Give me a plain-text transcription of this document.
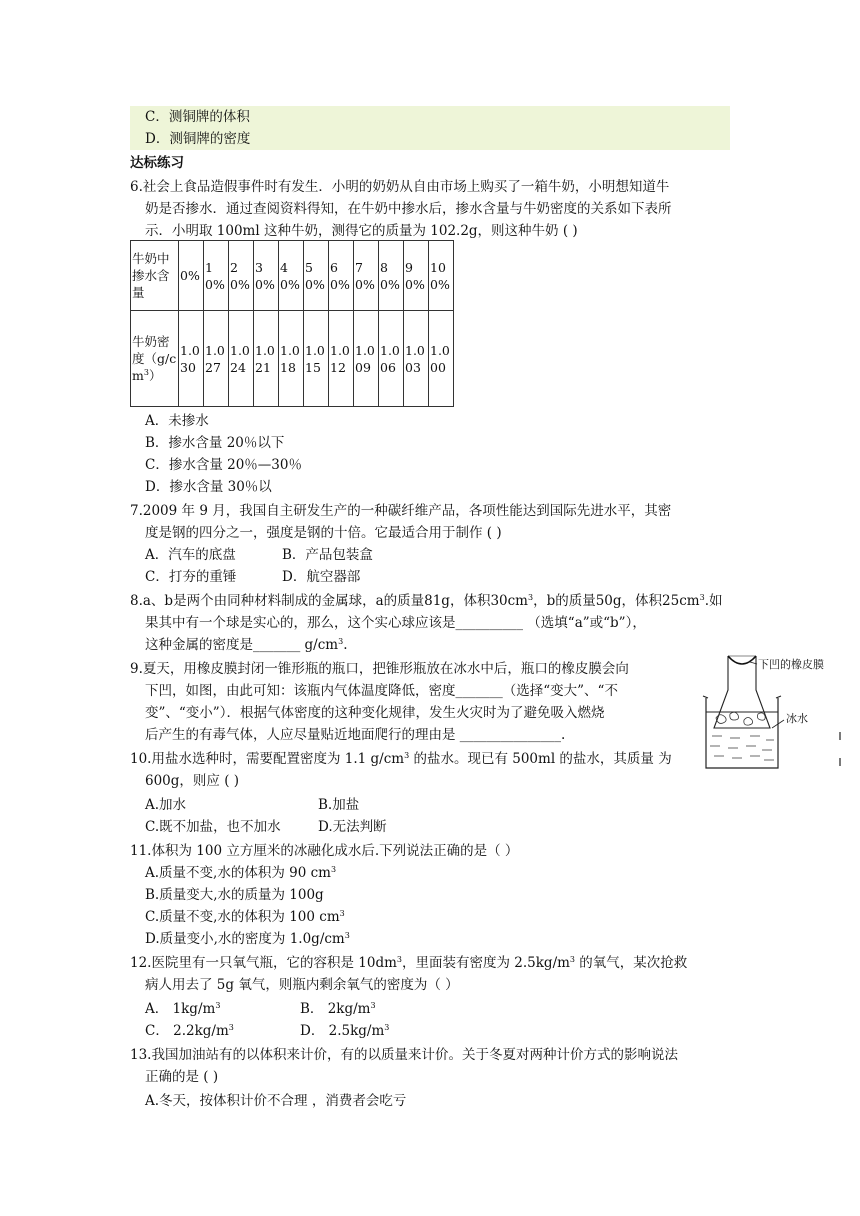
C．测铜牌的体积
D．测铜牌的密度
达标练习
6.社会上食品造假事件时有发生．小明的奶奶从自由市场上购买了一箱牛奶，小明想知道牛
奶是否掺水．通过查阅资料得知，在牛奶中掺水后，掺水含量与牛奶密度的关系如下表所
示．小明取 100ml 这种牛奶，测得它的质量为 102.2g，则这种牛奶 ( )
牛奶中掺水含量	0%	10%	20%	30%	40%	50%	60%	70%	80%	90%	100%
牛奶密度$(g/cm^3)$	1.030	1.027	1.024	1.021	1.018	1.015	1.012	1.009	1.006	1.003	1.000
A．未掺水
B．掺水含量 20％以下
C．掺水含量 20％—30％
D．掺水含量 30％以
7.2009 年 9 月，我国自主研发生产的一种碳纤维产品，各项性能达到国际先进水平，其密
度是钢的四分之一，强度是钢的十倍。它最适合用于制作 ( )
A．汽车的底盘	B．产品包装盒
C．打夯的重锤	D．航空器部
8.a、b是两个由同种材料制成的金属球，a的质量81g，体积$30cm^3$，b的质量50g，体积$25cm^3$.如
果其中有一个球是实心的，那么，这个实心球应该是__________ （选填“a”或“b”），
这种金属的密度是_______ $g/cm^3$.
9.夏天，用橡皮膜封闭一锥形瓶的瓶口，把锥形瓶放在冰水中后，瓶口的橡皮膜会向
下凹，如图，由此可知：该瓶内气体温度降低，密度_______（选择“变大”、“不
变”、“变小”）．根据气体密度的这种变化规律，发生火灾时为了避免吸入燃烧
后产生的有毒气体，人应尽量贴近地面爬行的理由是 _______________.
下凹的橡皮膜
冰水
10.用盐水选种时，需要配置密度为 1.1 $g/cm^3$ 的盐水。现已有 500ml 的盐水，其质量 为
600g，则应 ( )
A.加水	B.加盐
C.既不加盐，也不加水	D.无法判断
11.体积为 100 立方厘米的冰融化成水后.下列说法正确的是（ ）
A.质量不变,水的体积为 90 $cm^3$
B.质量变大,水的质量为 100g
C.质量不变,水的体积为 100 $cm^3$
D.质量变小,水的密度为 $1.0g/cm^3$
12.医院里有一只氧气瓶，它的容积是 $10dm^3$，里面装有密度为 $2.5kg/m^3$ 的氧气，某次抢救
病人用去了 5g 氧气，则瓶内剩余氧气的密度为（ ）
A． $1kg/m^3$	B． $2kg/m^3$
C． $2.2kg/m^3$	D． $2.5kg/m^3$
13.我国加油站有的以体积来计价，有的以质量来计价。关于冬夏对两种计价方式的影响说法
正确的是 ( )
A.冬天，按体积计价不合理 ，消费者会吃亏
